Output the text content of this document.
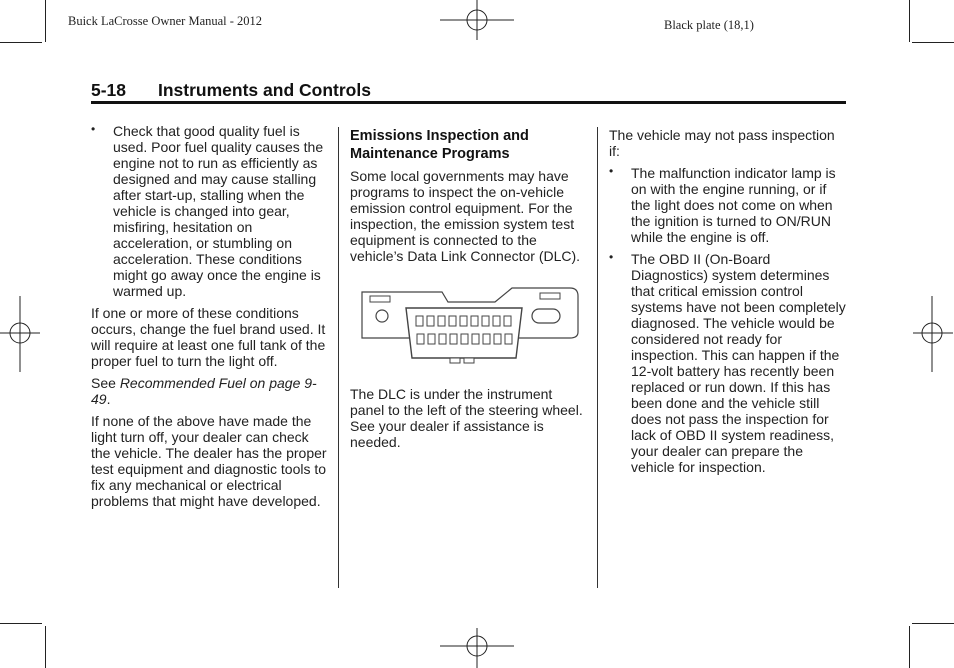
Buick LaCrosse Owner Manual - 2012	Black plate (18,1)
5-18 Instruments and Controls
• Check that good quality fuel is used. Poor fuel quality causes the engine not to run as efficiently as designed and may cause stalling after start-up, stalling when the vehicle is changed into gear, misfiring, hesitation on acceleration, or stumbling on acceleration. These conditions might go away once the engine is warmed up.

If one or more of these conditions occurs, change the fuel brand used. It will require at least one full tank of the proper fuel to turn the light off.

See Recommended Fuel on page 9-49.

If none of the above have made the light turn off, your dealer can check the vehicle. The dealer has the proper test equipment and diagnostic tools to fix any mechanical or electrical problems that might have developed.

Emissions Inspection and Maintenance Programs

Some local governments may have programs to inspect the on-vehicle emission control equipment. For the inspection, the emission system test equipment is connected to the vehicle’s Data Link Connector (DLC).

The DLC is under the instrument panel to the left of the steering wheel. See your dealer if assistance is needed.

The vehicle may not pass inspection if:

• The malfunction indicator lamp is on with the engine running, or if the light does not come on when the ignition is turned to ON/RUN while the engine is off.
• The OBD II (On-Board Diagnostics) system determines that critical emission control systems have not been completely diagnosed. The vehicle would be considered not ready for inspection. This can happen if the 12-volt battery has recently been replaced or run down. If this has been done and the vehicle still does not pass the inspection for lack of OBD II system readiness, your dealer can prepare the vehicle for inspection.
